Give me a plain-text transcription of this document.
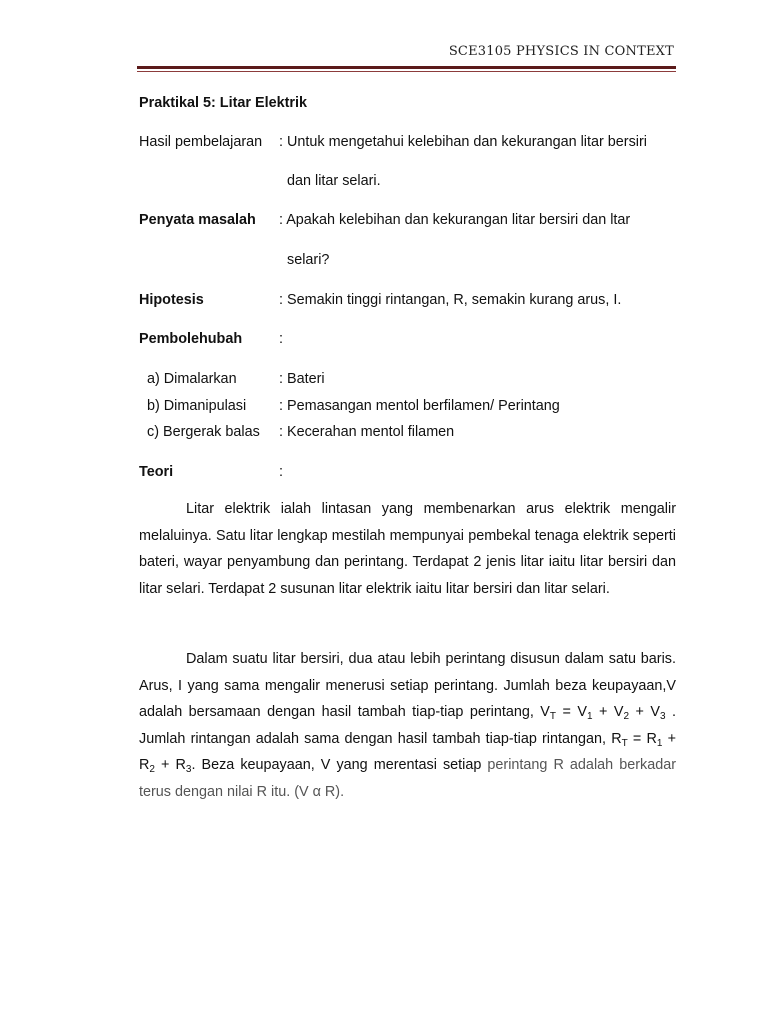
SCE3105 PHYSICS IN CONTEXT
Praktikal 5: Litar Elektrik
Hasil pembelajaran : Untuk mengetahui kelebihan dan kekurangan litar bersiri
dan litar selari.
Penyata masalah : Apakah kelebihan dan kekurangan litar bersiri dan ltar
selari?
Hipotesis	: Semakin tinggi rintangan, R, semakin kurang arus, I.
Pembolehubah	:
a) Dimalarkan	: Bateri
b) Dimanipulasi : Pemasangan mentol berfilamen/ Perintang
c) Bergerak balas : Kecerahan mentol filamen
Teori	:
Litar elektrik ialah lintasan yang membenarkan arus elektrik mengalir melaluinya. Satu litar lengkap mestilah mempunyai pembekal tenaga elektrik seperti bateri, wayar penyambung dan perintang. Terdapat 2 jenis litar iaitu litar bersiri dan litar selari. Terdapat 2 susunan litar elektrik iaitu litar bersiri dan litar selari.
Dalam suatu litar bersiri, dua atau lebih perintang disusun dalam satu baris. Arus, I yang sama mengalir menerusi setiap perintang. Jumlah beza keupayaan,V adalah bersamaan dengan hasil tambah tiap-tiap perintang, $V_T = V_1 + V_2 + V_3$ . Jumlah rintangan adalah sama dengan hasil tambah tiap-tiap rintangan, $R_T = R_1 + R_2 + R_3$. Beza keupayaan, V yang merentasi setiap perintang R adalah berkadar terus dengan nilai R itu. (V α R).
